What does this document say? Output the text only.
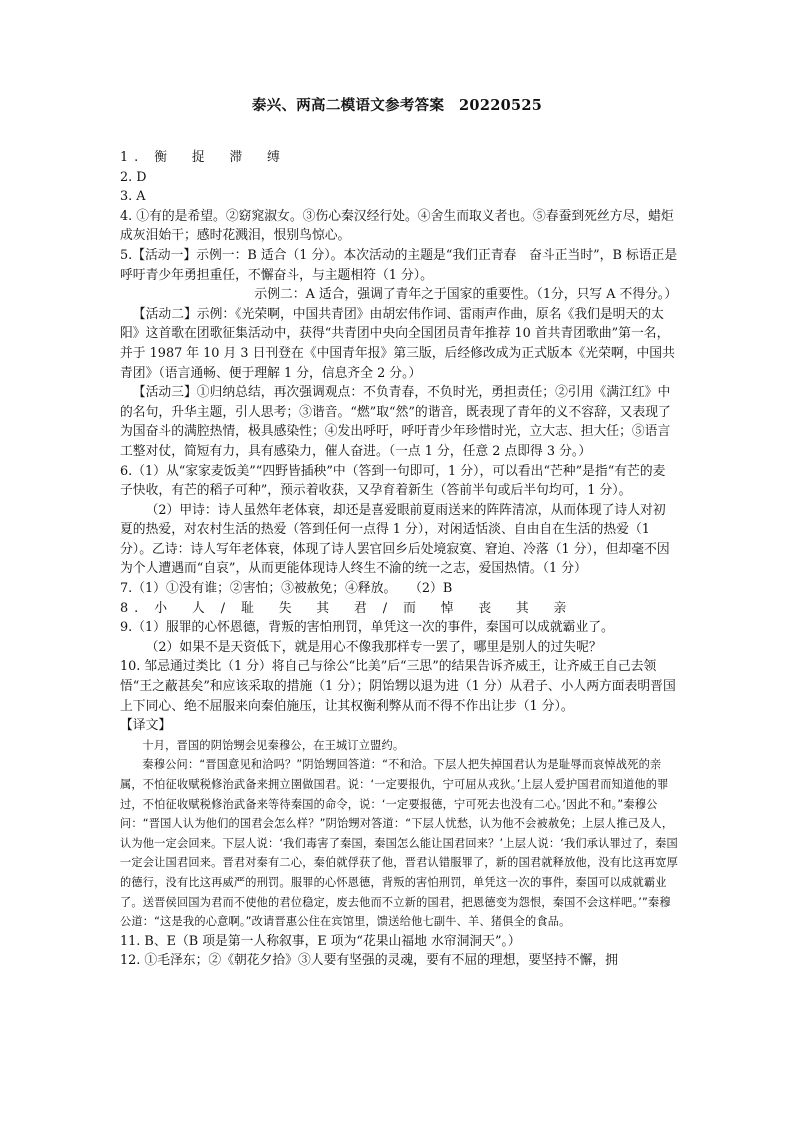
泰兴、两高二模语文参考答案　20220525

1. 衡　捉　滞　缚

2. D

3. A

4. ①有的是希望。②窈窕淑女。③伤心秦汉经行处。④舍生而取义者也。⑤春蚕到死丝方尽，蜡炬成灰泪始干；感时花溅泪，恨别鸟惊心。

5.【活动一】示例一：B 适合（1 分）。本次活动的主题是“我们正青春　奋斗正当时”，B 标语正是呼吁青少年勇担重任，不懈奋斗，与主题相符（1 分）。

示例二：A 适合，强调了青年之于国家的重要性。（1分，只写 A 不得分。）

【活动二】示例：《光荣啊，中国共青团》由胡宏伟作词、雷雨声作曲，原名《我们是明天的太阳》这首歌在团歌征集活动中，获得“共青团中央向全国团员青年推荐 10 首共青团歌曲”第一名，并于 1987 年 10 月 3 日刊登在《中国青年报》第三版，后经修改成为正式版本《光荣啊，中国共青团》（语言通畅、便于理解 1 分，信息齐全 2 分。）

【活动三】①归纳总结，再次强调观点：不负青春，不负时光，勇担责任；②引用《满江红》中的名句，升华主题，引人思考；③谐音。“燃”取“然”的谐音，既表现了青年的义不容辞，又表现了为国奋斗的满腔热情，极具感染性；④发出呼吁，呼吁青少年珍惜时光，立大志、担大任；⑤语言工整对仗，简短有力，具有感染力，催人奋进。（一点 1 分，任意 2 点即得 3 分。）

6.（1）从“家家麦饭美”“四野皆插秧”中（答到一句即可，1 分），可以看出“芒种”是指“有芒的麦子快收，有芒的稻子可种”，预示着收获，又孕育着新生（答前半句或后半句均可，1 分）。

（2）甲诗：诗人虽然年老体衰，却还是喜爱眼前夏雨送来的阵阵清凉，从而体现了诗人对初夏的热爱，对农村生活的热爱（答到任何一点得 1 分），对闲适恬淡、自由自在生活的热爱（1 分）。乙诗：诗人写年老体衰，体现了诗人罢官回乡后处境寂寞、窘迫、冷落（1 分），但却毫不因为个人遭遇而“自哀”，从而更能体现诗人终生不渝的统一之志，爱国热情。（1 分）

7.（1）①没有谁；②害怕；③被赦免；④释放。　　（2）B

8. 小　人 / 耻　失　其　君 / 而　悼　丧　其　亲

9.（1）服罪的心怀恩德，背叛的害怕刑罚，单凭这一次的事件，秦国可以成就霸业了。

（2）如果不是天资低下，就是用心不像我那样专一罢了，哪里是别人的过失呢？

10. 邹忌通过类比（1 分）将自己与徐公“比美”后“三思”的结果告诉齐威王，让齐威王自己去领悟“王之蔽甚矣”和应该采取的措施（1 分）；阴饴甥以退为进（1 分）从君子、小人两方面表明晋国上下同心、绝不屈服来向秦伯施压，让其权衡利弊从而不得不作出让步（1 分）。

【译文】

十月，晋国的阴饴甥会见秦穆公，在王城订立盟约。

秦穆公问：“晋国意见和洽吗？”阴饴甥回答道：“不和洽。下层人把失掉国君认为是耻辱而哀悼战死的亲属，不怕征收赋税修治武备来拥立圉做国君。说：‘一定要报仇，宁可屈从戎狄。’上层人爱护国君而知道他的罪过，不怕征收赋税修治武备来等待秦国的命令，说：‘一定要报德，宁可死去也没有二心。’因此不和。”秦穆公问：“晋国人认为他们的国君会怎么样？”阴饴甥对答道：“下层人忧愁，认为他不会被赦免；上层人推己及人，认为他一定会回来。下层人说：‘我们毒害了秦国，秦国怎么能让国君回来？’上层人说：‘我们承认罪过了，秦国一定会让国君回来。晋君对秦有二心，秦伯就俘获了他，晋君认错服罪了，新的国君就释放他，没有比这再宽厚的德行，没有比这再威严的刑罚。服罪的心怀恩德，背叛的害怕刑罚，单凭这一次的事件，秦国可以成就霸业了。送晋侯回国为君而不使他的君位稳定，废去他而不立新的国君，把恩德变为怨恨，秦国不会这样吧。’”秦穆公道：“这是我的心意啊。”改请晋惠公住在宾馆里，馈送给他七副牛、羊、猪俱全的食品。

11. B、E（B 项是第一人称叙事，E 项为“花果山福地 水帘洞洞天”。）

12. ①毛泽东；②《朝花夕拾》③人要有坚强的灵魂，要有不屈的理想，要坚持不懈，拥
